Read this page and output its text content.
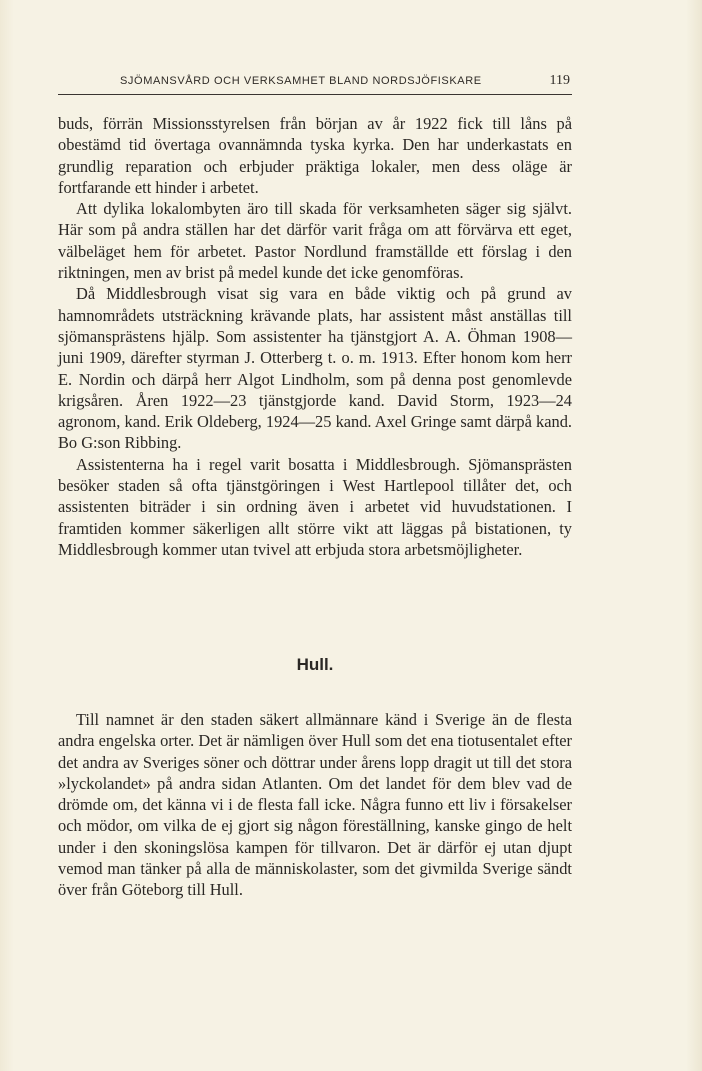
SJÖMANSVÅRD OCH VERKSAMHET BLAND NORDSJÖFISKARE	119

buds, förrän Missionsstyrelsen från början av år 1922 fick till låns på obestämd tid övertaga ovannämnda tyska kyrka. Den har underkastats en grundlig reparation och erbjuder präktiga lokaler, men dess oläge är fortfarande ett hinder i arbetet.

Att dylika lokalombyten äro till skada för verksamheten säger sig självt. Här som på andra ställen har det därför varit fråga om att förvärva ett eget, välbeläget hem för arbetet. Pastor Nordlund framställde ett förslag i den riktningen, men av brist på medel kunde det icke genomföras.

Då Middlesbrough visat sig vara en både viktig och på grund av hamnområdets utsträckning krävande plats, har assistent måst anställas till sjömansprästens hjälp. Som assistenter ha tjänstgjort A. A. Öhman 1908—juni 1909, därefter styrman J. Otterberg t. o. m. 1913. Efter honom kom herr E. Nordin och därpå herr Algot Lindholm, som på denna post genomlevde krigsåren. Åren 1922—23 tjänstgjorde kand. David Storm, 1923—24 agronom, kand. Erik Oldeberg, 1924—25 kand. Axel Gringe samt därpå kand. Bo G:son Ribbing.

Assistenterna ha i regel varit bosatta i Middlesbrough. Sjömansprästen besöker staden så ofta tjänstgöringen i West Hartlepool tillåter det, och assistenten biträder i sin ordning även i arbetet vid huvudstationen. I framtiden kommer säkerligen allt större vikt att läggas på bistationen, ty Middlesbrough kommer utan tvivel att erbjuda stora arbetsmöjligheter.

Hull.

Till namnet är den staden säkert allmännare känd i Sverige än de flesta andra engelska orter. Det är nämligen över Hull som det ena tiotusentalet efter det andra av Sveriges söner och döttrar under årens lopp dragit ut till det stora »lyckolandet» på andra sidan Atlanten. Om det landet för dem blev vad de drömde om, det känna vi i de flesta fall icke. Några funno ett liv i försakelser och mödor, om vilka de ej gjort sig någon föreställning, kanske gingo de helt under i den skoningslösa kampen för tillvaron. Det är därför ej utan djupt vemod man tänker på alla de människolaster, som det givmilda Sverige sändt över från Göteborg till Hull.
